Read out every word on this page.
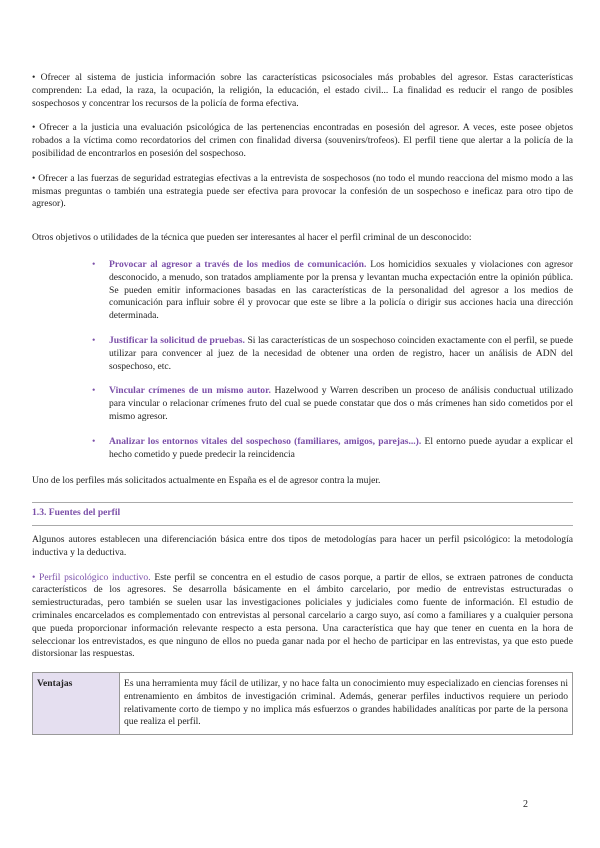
• Ofrecer al sistema de justicia información sobre las características psicosociales más probables del agresor. Estas características comprenden: La edad, la raza, la ocupación, la religión, la educación, el estado civil... La finalidad es reducir el rango de posibles sospechosos y concentrar los recursos de la policía de forma efectiva.

• Ofrecer a la justicia una evaluación psicológica de las pertenencias encontradas en posesión del agresor. A veces, este posee objetos robados a la víctima como recordatorios del crimen con finalidad diversa (souvenirs/trofeos). El perfil tiene que alertar a la policía de la posibilidad de encontrarlos en posesión del sospechoso.

• Ofrecer a las fuerzas de seguridad estrategias efectivas a la entrevista de sospechosos (no todo el mundo reacciona del mismo modo a las mismas preguntas o también una estrategia puede ser efectiva para provocar la confesión de un sospechoso e ineficaz para otro tipo de agresor).

Otros objetivos o utilidades de la técnica que pueden ser interesantes al hacer el perfil criminal de un desconocido:

• Provocar al agresor a través de los medios de comunicación. Los homicidios sexuales y violaciones con agresor desconocido, a menudo, son tratados ampliamente por la prensa y levantan mucha expectación entre la opinión pública. Se pueden emitir informaciones basadas en las características de la personalidad del agresor a los medios de comunicación para influir sobre él y provocar que este se libre a la policía o dirigir sus acciones hacia una dirección determinada.
• Justificar la solicitud de pruebas. Si las características de un sospechoso coinciden exactamente con el perfil, se puede utilizar para convencer al juez de la necesidad de obtener una orden de registro, hacer un análisis de ADN del sospechoso, etc.
• Vincular crímenes de un mismo autor. Hazelwood y Warren describen un proceso de análisis conductual utilizado para vincular o relacionar crímenes fruto del cual se puede constatar que dos o más crímenes han sido cometidos por el mismo agresor.
• Analizar los entornos vitales del sospechoso (familiares, amigos, parejas...). El entorno puede ayudar a explicar el hecho cometido y puede predecir la reincidencia

Uno de los perfiles más solicitados actualmente en España es el de agresor contra la mujer.

1.3. Fuentes del perfil

Algunos autores establecen una diferenciación básica entre dos tipos de metodologías para hacer un perfil psicológico: la metodología inductiva y la deductiva.

• Perfil psicológico inductivo. Este perfil se concentra en el estudio de casos porque, a partir de ellos, se extraen patrones de conducta característicos de los agresores. Se desarrolla básicamente en el ámbito carcelario, por medio de entrevistas estructuradas o semiestructuradas, pero también se suelen usar las investigaciones policiales y judiciales como fuente de información. El estudio de criminales encarcelados es complementado con entrevistas al personal carcelario a cargo suyo, así como a familiares y a cualquier persona que pueda proporcionar información relevante respecto a esta persona. Una característica que hay que tener en cuenta en la hora de seleccionar los entrevistados, es que ninguno de ellos no pueda ganar nada por el hecho de participar en las entrevistas, ya que esto puede distorsionar las respuestas.

Ventajas	Es una herramienta muy fácil de utilizar, y no hace falta un conocimiento muy especializado en ciencias forenses ni entrenamiento en ámbitos de investigación criminal. Además, generar perfiles inductivos requiere un periodo relativamente corto de tiempo y no implica más esfuerzos o grandes habilidades analíticas por parte de la persona que realiza el perfil.
2
